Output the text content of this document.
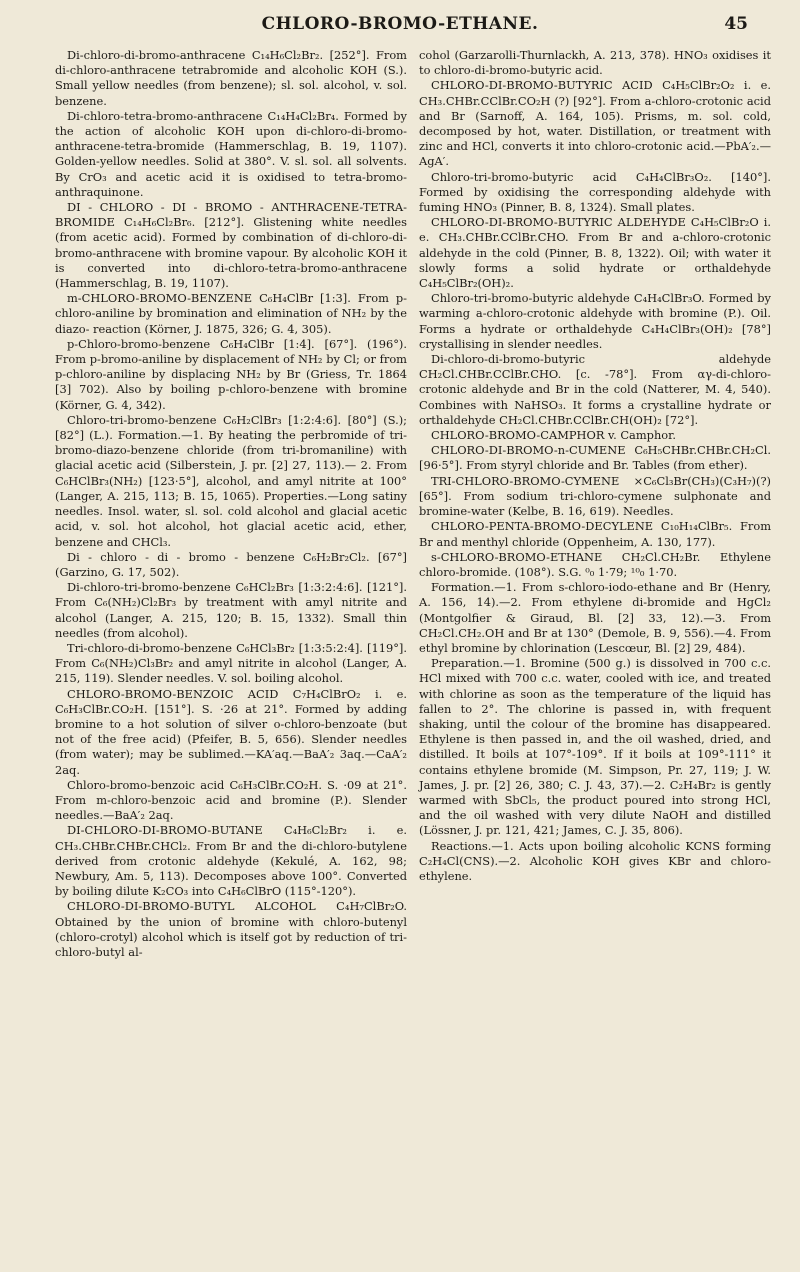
CHLORO-BROMO-ETHANE.	45

Di-chloro-di-bromo-anthracene C₁₄H₆Cl₂Br₂. [252°]. From di-chloro-anthracene tetrabromide and alcoholic KOH (S.). Small yellow needles (from benzene); sl. sol. alcohol, v. sol. benzene.

Di-chloro-tetra-bromo-anthracene C₁₄H₄Cl₂Br₄. Formed by the action of alcoholic KOH upon di-chloro-di-bromo-anthracene-tetra-bromide (Hammerschlag, B. 19, 1107). Golden-yellow needles. Solid at 380°. V. sl. sol. all solvents. By CrO₃ and acetic acid it is oxidised to tetra-bromo-anthraquinone.

DI - CHLORO - DI - BROMO - ANTHRACENE-TETRA-BROMIDE C₁₄H₆Cl₂Br₆. [212°]. Glistening white needles (from acetic acid). Formed by combination of di-chloro-di-bromo-anthracene with bromine vapour. By alcoholic KOH it is converted into di-chloro-tetra-bromo-anthracene (Hammerschlag, B. 19, 1107).

m-CHLORO-BROMO-BENZENE C₆H₄ClBr [1:3]. From p-chloro-aniline by bromination and elimination of NH₂ by the diazo- reaction (Körner, J. 1875, 326; G. 4, 305).

p-Chloro-bromo-benzene C₆H₄ClBr [1:4]. [67°]. (196°). From p-bromo-aniline by displacement of NH₂ by Cl; or from p-chloro-aniline by displacing NH₂ by Br (Griess, Tr. 1864 [3] 702). Also by boiling p-chloro-benzene with bromine (Körner, G. 4, 342).

Chloro-tri-bromo-benzene C₆H₂ClBr₃ [1:2:4:6]. [80°] (S.); [82°] (L.). Formation.—1. By heating the perbromide of tri-bromo-diazo-benzene chloride (from tri-bromaniline) with glacial acetic acid (Silberstein, J. pr. [2] 27, 113).— 2. From C₆HClBr₃(NH₂) [123·5°], alcohol, and amyl nitrite at 100° (Langer, A. 215, 113; B. 15, 1065). Properties.—Long satiny needles. Insol. water, sl. sol. cold alcohol and glacial acetic acid, v. sol. hot alcohol, hot glacial acetic acid, ether, benzene and CHCl₃.

Di - chloro - di - bromo - benzene C₆H₂Br₂Cl₂. [67°] (Garzino, G. 17, 502).

Di-chloro-tri-bromo-benzene C₆HCl₂Br₃ [1:3:2:4:6]. [121°]. From C₆(NH₂)Cl₂Br₃ by treatment with amyl nitrite and alcohol (Langer, A. 215, 120; B. 15, 1332). Small thin needles (from alcohol).

Tri-chloro-di-bromo-benzene C₆HCl₃Br₂ [1:3:5:2:4]. [119°]. From C₆(NH₂)Cl₃Br₂ and amyl nitrite in alcohol (Langer, A. 215, 119). Slender needles. V. sol. boiling alcohol.

CHLORO-BROMO-BENZOIC ACID C₇H₄ClBrO₂ i. e. C₆H₃ClBr.CO₂H. [151°]. S. ·26 at 21°. Formed by adding bromine to a hot solution of silver o-chloro-benzoate (but not of the free acid) (Pfeifer, B. 5, 656). Slender needles (from water); may be sublimed.—KA′aq.—BaA′₂ 3aq.—CaA′₂ 2aq.

Chloro-bromo-benzoic acid C₆H₃ClBr.CO₂H. S. ·09 at 21°. From m-chloro-benzoic acid and bromine (P.). Slender needles.—BaA′₂ 2aq.

DI-CHLORO-DI-BROMO-BUTANE C₄H₆Cl₂Br₂ i. e. CH₃.CHBr.CHBr.CHCl₂. From Br and the di-chloro-butylene derived from crotonic aldehyde (Kekulé, A. 162, 98; Newbury, Am. 5, 113). Decomposes above 100°. Converted by boiling dilute K₂CO₃ into C₄H₆ClBrO (115°-120°).

CHLORO-DI-BROMO-BUTYL ALCOHOL C₄H₇ClBr₂O. Obtained by the union of bromine with chloro-butenyl (chloro-crotyl) alcohol which is itself got by reduction of tri-chloro-butyl al-

cohol (Garzarolli-Thurnlackh, A. 213, 378). HNO₃ oxidises it to chloro-di-bromo-butyric acid.

CHLORO-DI-BROMO-BUTYRIC ACID C₄H₅ClBr₂O₂ i. e. CH₃.CHBr.CClBr.CO₂H (?) [92°]. From a-chloro-crotonic acid and Br (Sarnoff, A. 164, 105). Prisms, m. sol. cold, decomposed by hot, water. Distillation, or treatment with zinc and HCl, converts it into chloro-crotonic acid.—PbA′₂.—AgA′.

Chloro-tri-bromo-butyric acid C₄H₄ClBr₃O₂. [140°]. Formed by oxidising the corresponding aldehyde with fuming HNO₃ (Pinner, B. 8, 1324). Small plates.

CHLORO-DI-BROMO-BUTYRIC ALDEHYDE C₄H₅ClBr₂O i. e. CH₃.CHBr.CClBr.CHO. From Br and a-chloro-crotonic aldehyde in the cold (Pinner, B. 8, 1322). Oil; with water it slowly forms a solid hydrate or orthaldehyde C₄H₅ClBr₂(OH)₂.

Chloro-tri-bromo-butyric aldehyde C₄H₄ClBr₃O. Formed by warming a-chloro-crotonic aldehyde with bromine (P.). Oil. Forms a hydrate or orthaldehyde C₄H₄ClBr₃(OH)₂ [78°] crystallising in slender needles.

Di-chloro-di-bromo-butyric aldehyde CH₂Cl.CHBr.CClBr.CHO. [c. -78°]. From αγ-di-chloro-crotonic aldehyde and Br in the cold (Natterer, M. 4, 540). Combines with NaHSO₃. It forms a crystalline hydrate or orthaldehyde CH₂Cl.CHBr.CClBr.CH(OH)₂ [72°].

CHLORO-BROMO-CAMPHOR v. Camphor.

CHLORO-DI-BROMO-n-CUMENE C₆H₅CHBr.CHBr.CH₂Cl. [96·5°]. From styryl chloride and Br. Tables (from ether).

TRI-CHLORO-BROMO-CYMENE ×C₆Cl₃Br(CH₃)(C₃H₇)(?) [65°]. From sodium tri-chloro-cymene sulphonate and bromine-water (Kelbe, B. 16, 619). Needles.

CHLORO-PENTA-BROMO-DECYLENE C₁₀H₁₄ClBr₅. From Br and menthyl chloride (Oppenheim, A. 130, 177).

s-CHLORO-BROMO-ETHANE CH₂Cl.CH₂Br. Ethylene chloro-bromide. (108°). S.G. ⁰₀ 1·79; ¹⁰₀ 1·70.

Formation.—1. From s-chloro-iodo-ethane and Br (Henry, A. 156, 14).—2. From ethylene di-bromide and HgCl₂ (Montgolfier & Giraud, Bl. [2] 33, 12).—3. From CH₂Cl.CH₂.OH and Br at 130° (Demole, B. 9, 556).—4. From ethyl bromine by chlorination (Lescœur, Bl. [2] 29, 484).

Preparation.—1. Bromine (500 g.) is dissolved in 700 c.c. HCl mixed with 700 c.c. water, cooled with ice, and treated with chlorine as soon as the temperature of the liquid has fallen to 2°. The chlorine is passed in, with frequent shaking, until the colour of the bromine has disappeared. Ethylene is then passed in, and the oil washed, dried, and distilled. It boils at 107°-109°. If it boils at 109°-111° it contains ethylene bromide (M. Simpson, Pr. 27, 119; J. W. James, J. pr. [2] 26, 380; C. J. 43, 37).—2. C₂H₄Br₂ is gently warmed with SbCl₅, the product poured into strong HCl, and the oil washed with very dilute NaOH and distilled (Lössner, J. pr. 121, 421; James, C. J. 35, 806).

Reactions.—1. Acts upon boiling alcoholic KCNS forming C₂H₄Cl(CNS).—2. Alcoholic KOH gives KBr and chloro-ethylene.
